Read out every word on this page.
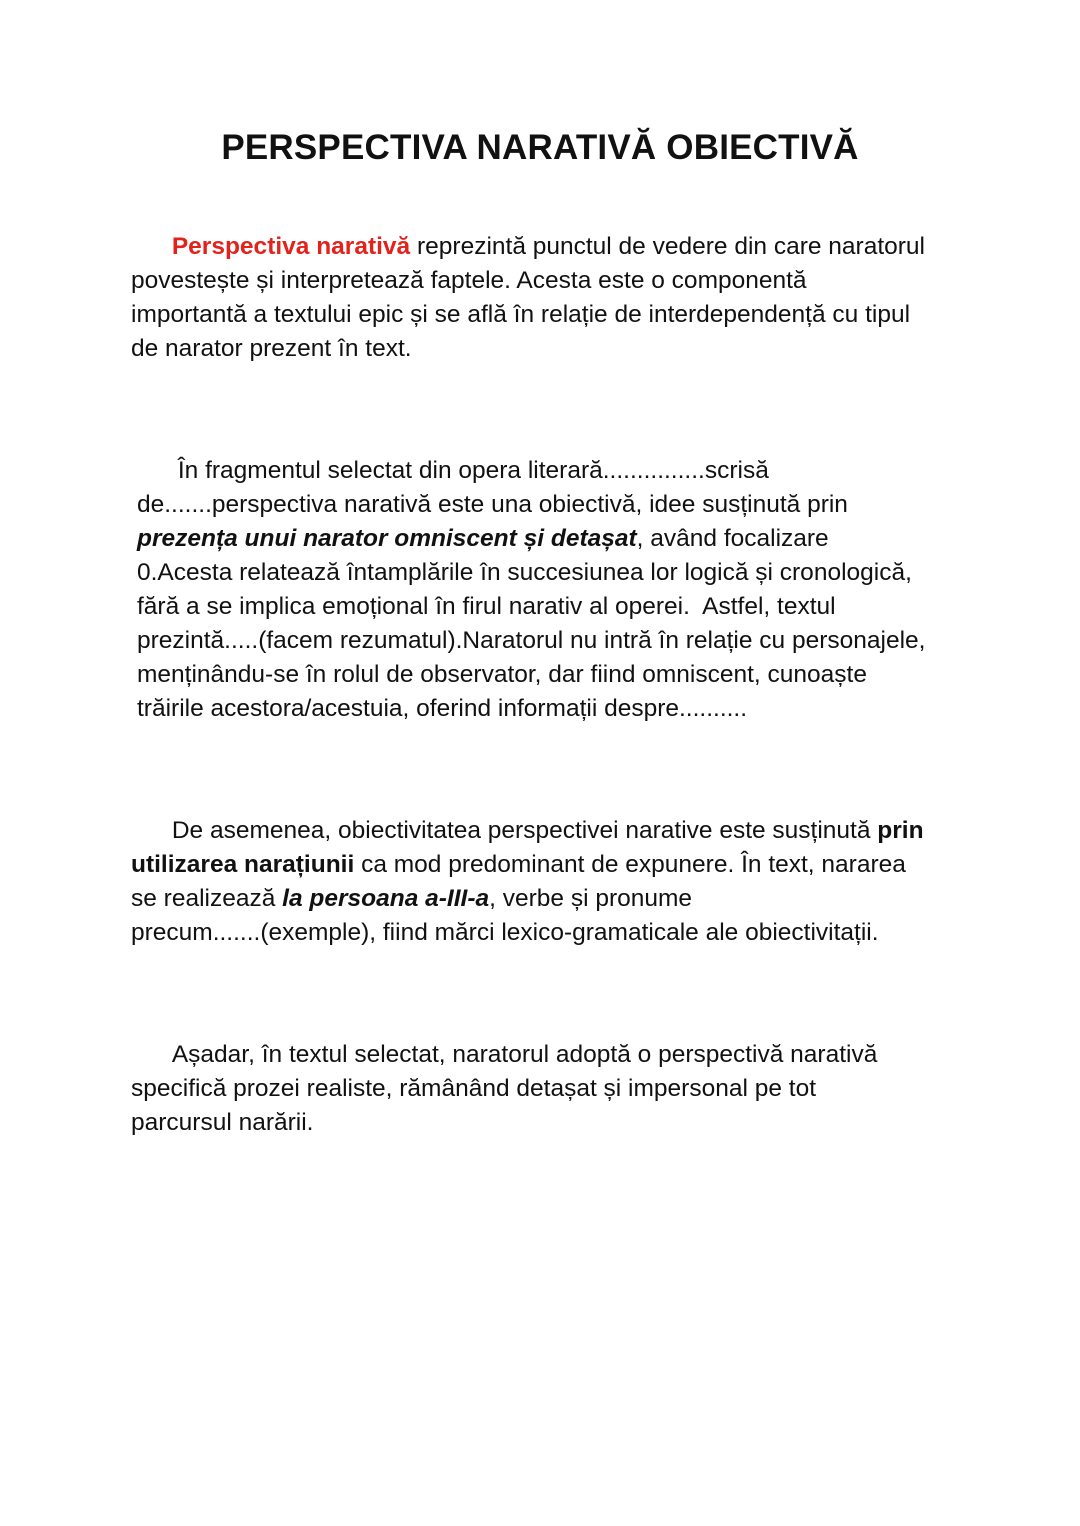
PERSPECTIVA NARATIVĂ OBIECTIVĂ

Perspectiva narativă reprezintă punctul de vedere din care naratorul
povestește și interpretează faptele. Acesta este o componentă
importantă a textului epic și se află în relație de interdependență cu tipul
de narator prezent în text.

În fragmentul selectat din opera literară...............scrisă
de.......perspectiva narativă este una obiectivă, idee susținută prin
prezența unui narator omniscent și detașat, având focalizare
0.Acesta relatează întamplările în succesiunea lor logică și cronologică,
fără a se implica emoțional în firul narativ al operei.  Astfel, textul
prezintă.....(facem rezumatul).Naratorul nu intră în relație cu personajele,
menținându-se în rolul de observator, dar fiind omniscent, cunoaște
trăirile acestora/acestuia, oferind informații despre..........

De asemenea, obiectivitatea perspectivei narative este susținută prin
utilizarea narațiunii ca mod predominant de expunere. În text, nararea
se realizează la persoana a-III-a, verbe și pronume
precum.......(exemple), fiind mărci lexico-gramaticale ale obiectivitații.

Așadar, în textul selectat, naratorul adoptă o perspectivă narativă
specifică prozei realiste, rămânând detașat și impersonal pe tot
parcursul narării.
